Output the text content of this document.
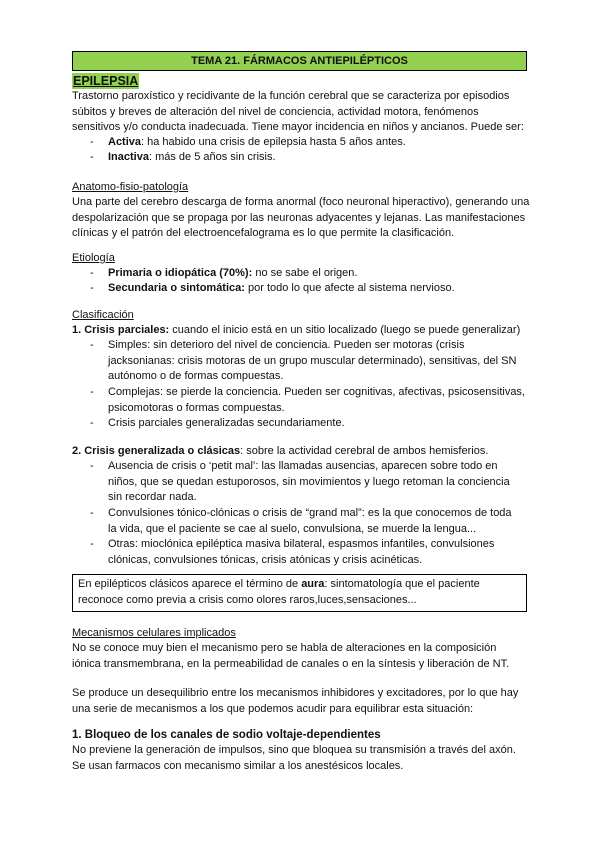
TEMA 21. FÁRMACOS ANTIEPILÉPTICOS
EPILEPSIA
Trastorno paroxístico y recidivante de la función cerebral que se caracteriza por episodios
súbitos y breves de alteración del nivel de conciencia, actividad motora, fenómenos
sensitivos y/o conducta inadecuada. Tiene mayor incidencia en niños y ancianos. Puede ser:
-	Activa: ha habido una crisis de epilepsia hasta 5 años antes.
-	Inactiva: más de 5 años sin crisis.
Anatomo-fisio-patología
Una parte del cerebro descarga de forma anormal (foco neuronal hiperactivo), generando una
despolarización que se propaga por las neuronas adyacentes y lejanas. Las manifestaciones
clínicas y el patrón del electroencefalograma es lo que permite la clasificación.
Etiología
-	Primaria o idiopática (70%): no se sabe el origen.
-	Secundaria o sintomática: por todo lo que afecte al sistema nervioso.
Clasificación
1. Crisis parciales: cuando el inicio está en un sitio localizado (luego se puede generalizar)
- Simples: sin deterioro del nivel de conciencia. Pueden ser motoras (crisis
jacksonianas: crisis motoras de un grupo muscular determinado), sensitivas, del SN
autónomo o de formas compuestas.
- Complejas: se pierde la conciencia. Pueden ser cognitivas, afectivas, psicosensitivas,
psicomotoras o formas compuestas.
- Crisis parciales generalizadas secundariamente.
2. Crisis generalizada o clásicas: sobre la actividad cerebral de ambos hemisferios.
- Ausencia de crisis o ‘petit mal’: las llamadas ausencias, aparecen sobre todo en
niños, que se quedan estuporosos, sin movimientos y luego retoman la conciencia
sin recordar nada.
- Convulsiones tónico-clónicas o crisis de “grand mal”: es la que conocemos de toda
la vida, que el paciente se cae al suelo, convulsiona, se muerde la lengua...
- Otras: mioclónica epiléptica masiva bilateral, espasmos infantiles, convulsiones
clónicas, convulsiones tónicas, crisis atónicas y crisis acinéticas.
En epilépticos clásicos aparece el término de aura: sintomatología que el paciente
reconoce como previa a crisis como olores raros,luces,sensaciones...
Mecanismos celulares implicados
No se conoce muy bien el mecanismo pero se habla de alteraciones en la composición
iónica transmembrana, en la permeabilidad de canales o en la síntesis y liberación de NT.
Se produce un desequilibrio entre los mecanismos inhibidores y excitadores, por lo que hay
una serie de mecanismos a los que podemos acudir para equilibrar esta situación:
1. Bloqueo de los canales de sodio voltaje-dependientes
No previene la generación de impulsos, sino que bloquea su transmisión a través del axón.
Se usan farmacos con mecanismo similar a los anestésicos locales.
